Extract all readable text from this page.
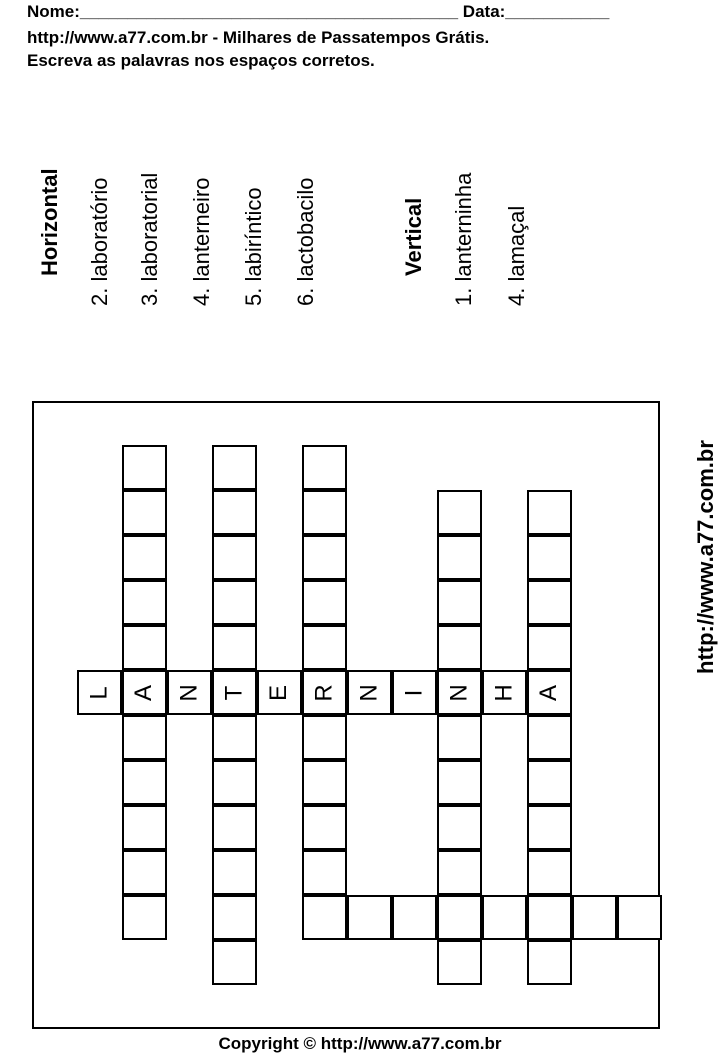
Nome:________________________________________ Data:___________
http://www.a77.com.br - Milhares de Passatempos Grátis.
Escreva as palavras nos espaços corretos.
Horizontal
2. laboratório
3. laboratorial
4. lanterneiro
5. labiríntico
6. lactobacilo	Vertical
1. lanterninha
4. lamaçal
A	T	R	N	A
L	N	E	N I	H
http://www.a77.com.br
Copyright © http://www.a77.com.br
